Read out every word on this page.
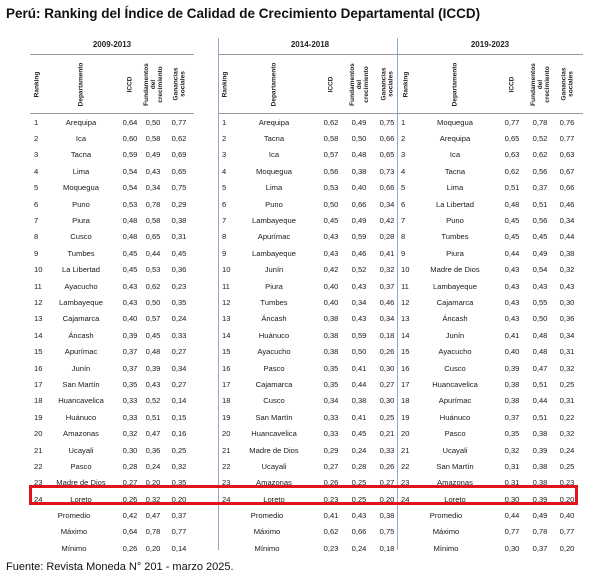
Perú: Ranking del Índice de Calidad de Crecimiento Departamental (ICCD)
2009-2013
Ranking	Departamento	ICCD Fundamentos del crecimiento Ganancias sociales
1	Arequipa	0,64	0,50	0,77
2	Ica	0,60	0,58	0,62
3	Tacna	0,59	0,49	0,69
4	Lima	0,54	0,43	0,65
5	Moquegua	0,54	0,34	0,75
6	Puno	0,53	0,78	0,29
7	Piura	0,48	0,58	0,38
8	Cusco	0,48	0,65	0,31
9	Tumbes	0,45	0,44	0,45
10	La Libertad	0,45	0,53	0,36
11	Ayacucho	0,43	0,62	0,23
12	Lambayeque	0,43	0,50	0,35
13	Cajamarca	0,40	0,57	0,24
14	Áncash	0,39	0,45	0,33
15	Apurímac	0,37	0,48	0,27
16	Junín	0,37	0,39	0,34
17	San Martín	0,35	0,43	0,27
18	Huancavelica	0,33	0,52	0,14
19	Huánuco	0,33	0,51	0,15
20	Amazonas	0,32	0,47	0,16
21	Ucayali	0,30	0,36	0,25
22	Pasco	0,28	0,24	0,32
23	Madre de Dios	0,27	0,20	0,35
24	Loreto	0,26	0,32	0,20
Promedio	0,42	0,47	0,37
Máximo	0,64	0,78	0,77
Mínimo	0,26	0,20	0,14
2014-2018
Ranking	Departamento	ICCD Fundamentos del crecimiento Ganancias sociales
1	Arequipa	0,62	0,49	0,75
2	Tacna	0,58	0,50	0,66
3	Ica	0,57	0,48	0,65
4	Moquegua	0,56	0,38	0,73
5	Lima	0,53	0,40	0,66
6	Puno	0,50	0,66	0,34
7	Lambayeque	0,45	0,49	0,42
8	Apurímac	0,43	0,59	0,28
9	Lambayeque	0,43	0,46	0,41
10	Junín	0,42	0,52	0,32
11	Piura	0,40	0,43	0,37
12	Tumbes	0,40	0,34	0,46
13	Áncash	0,38	0,43	0,34
14	Huánuco	0,38	0,59	0,18
15	Ayacucho	0,38	0,50	0,26
16	Pasco	0,35	0,41	0,30
17	Cajamarca	0,35	0,44	0,27
18	Cusco	0,34	0,38	0,30
19	San Martín	0,33	0,41	0,25
20	Huancavelica	0,33	0,45	0,21
21	Madre de Dios	0,29	0,24	0,33
22	Ucayali	0,27	0,28	0,26
23	Amazonas	0,26	0,25	0,27
24	Loreto	0,23	0,25	0,20
Promedio	0,41	0,43	0,38
Máximo	0,62	0,66	0,75
Mínimo	0,23	0,24	0,18
2019-2023
Ranking	Departamento	ICCD Fundamentos del crecimiento Ganancias sociales
1	Moquegua	0,77	0,78	0,76
2	Arequipa	0,65	0,52	0,77
3	Ica	0,63	0,62	0,63
4	Tacna	0,62	0,56	0,67
5	Lima	0,51	0,37	0,66
6	La Libertad	0,48	0,51	0,46
7	Puno	0,45	0,56	0,34
8	Tumbes	0,45	0,45	0,44
9	Piura	0,44	0,49	0,38
10	Madre de Dios	0,43	0,54	0,32
11	Lambayeque	0,43	0,43	0,43
12	Cajamarca	0,43	0,55	0,30
13	Áncash	0,43	0,50	0,36
14	Junín	0,41	0,48	0,34
15	Ayacucho	0,40	0,48	0,31
16	Cusco	0,39	0,47	0,32
17	Huancavelica	0,38	0,51	0,25
18	Apurímac	0,38	0,44	0,31
19	Huánuco	0,37	0,51	0,22
20	Pasco	0,35	0,38	0,32
21	Ucayali	0,32	0,39	0,24
22	San Martín	0,31	0,38	0,25
23	Amazonas	0,31	0,38	0,23
24	Loreto	0,30	0,39	0,20
Promedio	0,44	0,49	0,40
Máximo	0,77	0,78	0,77
Mínimo	0,30	0,37	0,20
Fuente: Revista Moneda N° 201 - marzo 2025.
